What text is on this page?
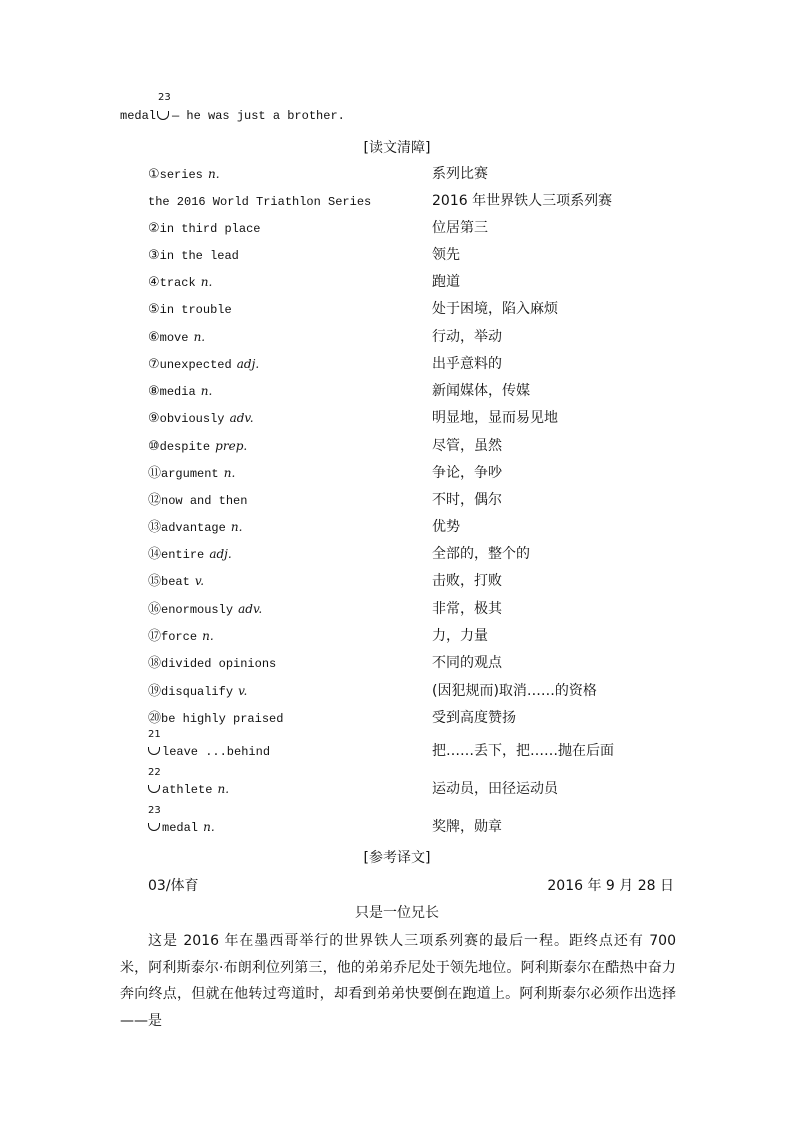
medal
23
— he was just a brother.
[读文清障]
①series n.	系列比赛
the 2016 World Triathlon Series	2016 年世界铁人三项系列赛
②in third place	位居第三
③in the lead	领先
④track n.	跑道
⑤in trouble	处于困境，陷入麻烦
⑥move n.	行动，举动
⑦unexpected adj.	出乎意料的
⑧media n.	新闻媒体，传媒
⑨obviously adv.	明显地，显而易见地
⑩despite prep.	尽管，虽然
⑪argument n.	争论，争吵
⑫now and then	不时，偶尔
⑬advantage n.	优势
⑭entire adj.	全部的，整个的
⑮beat v.	击败，打败
⑯enormously adv.	非常，极其
⑰force n.	力，力量
⑱divided opinions	不同的观点
⑲disqualify v.	(因犯规而)取消……的资格
⑳be highly praised	受到高度赞扬
21
leave ...behind	把……丢下，把……抛在后面
22
athlete n.	运动员，田径运动员
23
medal n.	奖牌，勋章
[参考译文]
03/体育	2016 年 9 月 28 日
只是一位兄长
这是 2016 年在墨西哥举行的世界铁人三项系列赛的最后一程。距终点还有 700 米，阿利斯泰尔·布朗利位列第三，他的弟弟乔尼处于领先地位。阿利斯泰尔在酷热中奋力奔向终点，但就在他转过弯道时，却看到弟弟快要倒在跑道上。阿利斯泰尔必须作出选择——是
